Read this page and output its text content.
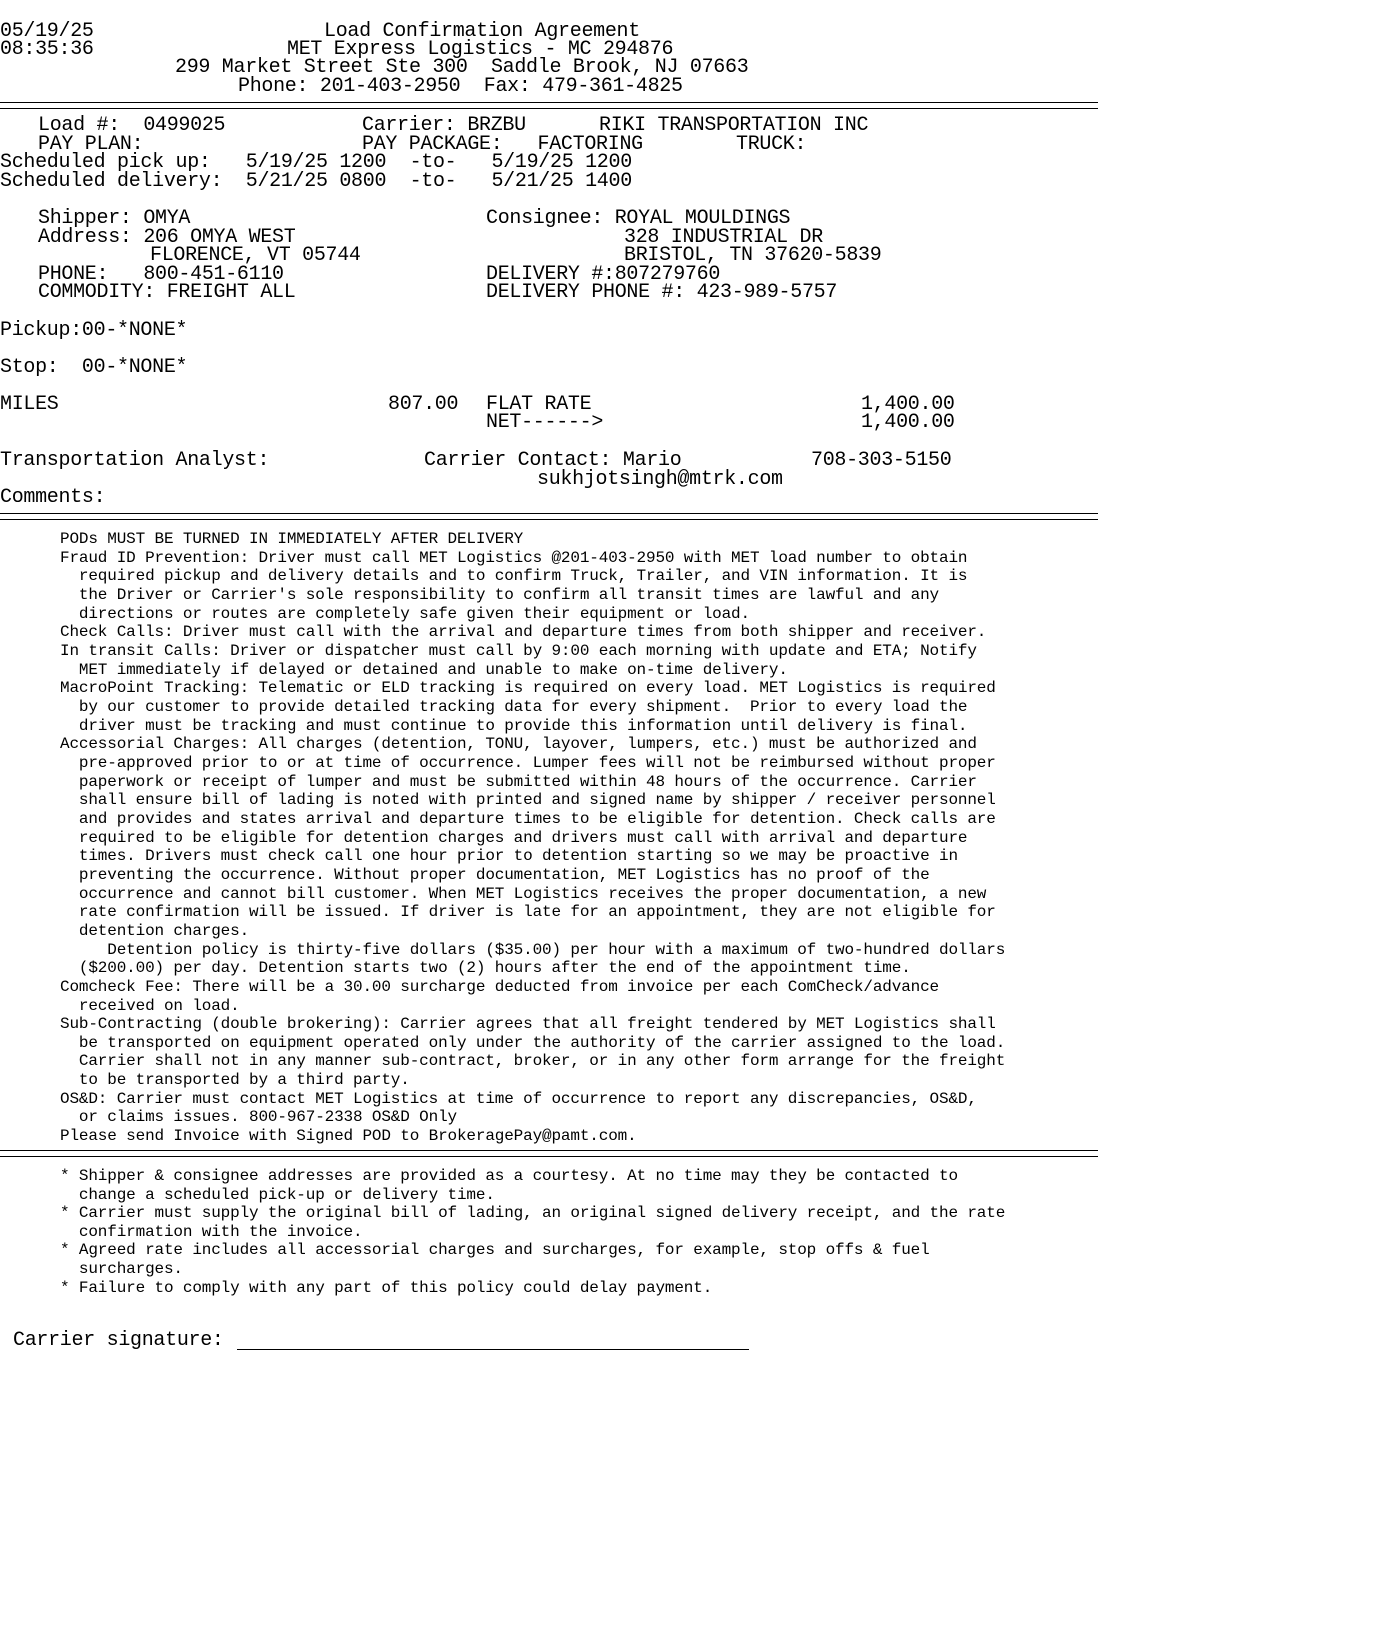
05/19/25
08:35:36
Load Confirmation Agreement
MET Express Logistics - MC 294876
299 Market Street Ste 300  Saddle Brook, NJ 07663
Phone: 201-403-2950  Fax: 479-361-4825
Load #:  0499025	Carrier: BRZBU	RIKI TRANSPORTATION INC
PAY PLAN:	PAY PACKAGE:   FACTORING	TRUCK:
Scheduled pick up:   5/19/25 1200  -to-   5/19/25 1200
Scheduled delivery:  5/21/25 0800  -to-   5/21/25 1400
Shipper: OMYA
Address: 206 OMYA WEST
FLORENCE, VT 05744
PHONE:   800-451-6110
COMMODITY: FREIGHT ALL
Consignee: ROYAL MOULDINGS
328 INDUSTRIAL DR
BRISTOL, TN 37620-5839
DELIVERY #:807279760
DELIVERY PHONE #: 423-989-5757
Pickup:00-*NONE*
Stop:  00-*NONE*
MILES	807.00 FLAT RATE	1,400.00
NET------>	1,400.00
Transportation Analyst:	Carrier Contact: Mario	708-303-5150
sukhjotsingh@mtrk.com
Comments:
PODs MUST BE TURNED IN IMMEDIATELY AFTER DELIVERY
Fraud ID Prevention: Driver must call MET Logistics @201-403-2950 with MET load number to obtain
required pickup and delivery details and to confirm Truck, Trailer, and VIN information. It is
the Driver or Carrier's sole responsibility to confirm all transit times are lawful and any
directions or routes are completely safe given their equipment or load.
Check Calls: Driver must call with the arrival and departure times from both shipper and receiver.
In transit Calls: Driver or dispatcher must call by 9:00 each morning with update and ETA; Notify
MET immediately if delayed or detained and unable to make on-time delivery.
MacroPoint Tracking: Telematic or ELD tracking is required on every load. MET Logistics is required
by our customer to provide detailed tracking data for every shipment.  Prior to every load the
driver must be tracking and must continue to provide this information until delivery is final.
Accessorial Charges: All charges (detention, TONU, layover, lumpers, etc.) must be authorized and
pre-approved prior to or at time of occurrence. Lumper fees will not be reimbursed without proper
paperwork or receipt of lumper and must be submitted within 48 hours of the occurrence. Carrier
shall ensure bill of lading is noted with printed and signed name by shipper / receiver personnel
and provides and states arrival and departure times to be eligible for detention. Check calls are
required to be eligible for detention charges and drivers must call with arrival and departure
times. Drivers must check call one hour prior to detention starting so we may be proactive in
preventing the occurrence. Without proper documentation, MET Logistics has no proof of the
occurrence and cannot bill customer. When MET Logistics receives the proper documentation, a new
rate confirmation will be issued. If driver is late for an appointment, they are not eligible for
detention charges.
Detention policy is thirty-five dollars ($35.00) per hour with a maximum of two-hundred dollars
($200.00) per day. Detention starts two (2) hours after the end of the appointment time.
Comcheck Fee: There will be a 30.00 surcharge deducted from invoice per each ComCheck/advance
received on load.
Sub-Contracting (double brokering): Carrier agrees that all freight tendered by MET Logistics shall
be transported on equipment operated only under the authority of the carrier assigned to the load.
Carrier shall not in any manner sub-contract, broker, or in any other form arrange for the freight
to be transported by a third party.
OS&D: Carrier must contact MET Logistics at time of occurrence to report any discrepancies, OS&D,
or claims issues. 800-967-2338 OS&D Only
Please send Invoice with Signed POD to BrokeragePay@pamt.com.
* Shipper & consignee addresses are provided as a courtesy. At no time may they be contacted to
change a scheduled pick-up or delivery time.
* Carrier must supply the original bill of lading, an original signed delivery receipt, and the rate
confirmation with the invoice.
* Agreed rate includes all accessorial charges and surcharges, for example, stop offs & fuel
surcharges.
* Failure to comply with any part of this policy could delay payment.
Carrier signature:
